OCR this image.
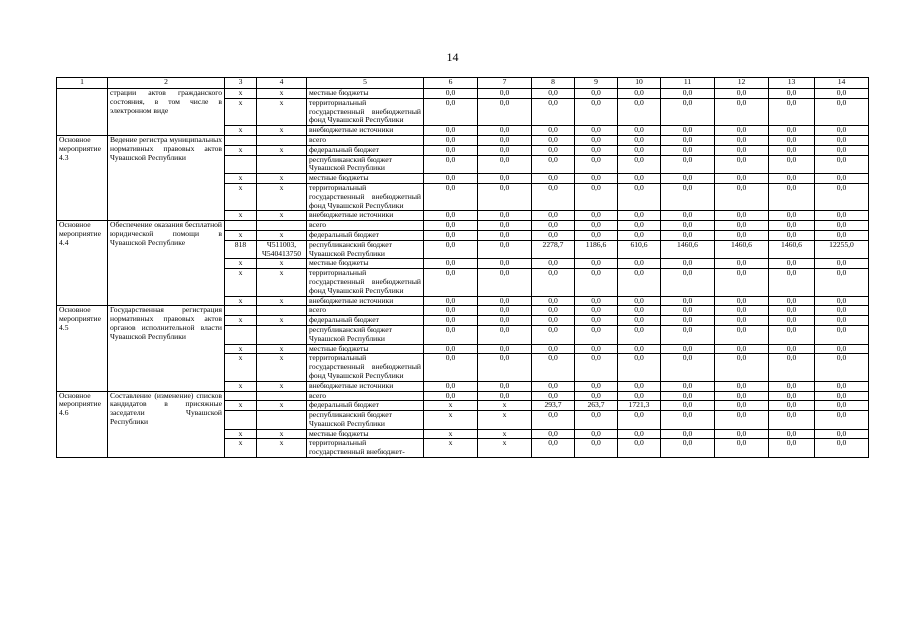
14
1	2	3	4	5	6	7	8	9	10	11	12	13	14
	страции актов гражданского состояния, в том числе в электронном виде	х	х	местные бюджеты	0,0	0,0	0,0	0,0	0,0	0,0	0,0	0,0	0,0
		х	х	территориальный государственный внебюджетный фонд Чувашской Республики	0,0	0,0	0,0	0,0	0,0	0,0	0,0	0,0	0,0
		х	х	внебюджетные источники	0,0	0,0	0,0	0,0	0,0	0,0	0,0	0,0	0,0
Основное мероприятие 4.3	Ведение регистра муниципальных нормативных правовых актов Чувашской Республики			всего	0,0	0,0	0,0	0,0	0,0	0,0	0,0	0,0	0,0
		х	х	федеральный бюджет	0,0	0,0	0,0	0,0	0,0	0,0	0,0	0,0	0,0
				республиканский бюджет Чувашской Республики	0,0	0,0	0,0	0,0	0,0	0,0	0,0	0,0	0,0
		х	х	местные бюджеты	0,0	0,0	0,0	0,0	0,0	0,0	0,0	0,0	0,0
		х	х	территориальный государственный внебюджетный фонд Чувашской Республики	0,0	0,0	0,0	0,0	0,0	0,0	0,0	0,0	0,0
		х	х	внебюджетные источники	0,0	0,0	0,0	0,0	0,0	0,0	0,0	0,0	0,0
Основное мероприятие 4.4	Обеспечение оказания бесплатной юридической помощи в Чувашской Республике			всего	0,0	0,0	0,0	0,0	0,0	0,0	0,0	0,0	0,0
		х	х	федеральный бюджет	0,0	0,0	0,0	0,0	0,0	0,0	0,0	0,0	0,0
		818	Ч511003, Ч540413750	республиканский бюджет Чувашской Республики	0,0	0,0	2278,7	1186,6	610,6	1460,6	1460,6	1460,6	12255,0
		х	х	местные бюджеты	0,0	0,0	0,0	0,0	0,0	0,0	0,0	0,0	0,0
		х	х	территориальный государственный внебюджетный фонд Чувашской Республики	0,0	0,0	0,0	0,0	0,0	0,0	0,0	0,0	0,0
		х	х	внебюджетные источники	0,0	0,0	0,0	0,0	0,0	0,0	0,0	0,0	0,0
Основное мероприятие 4.5	Государственная регистрация нормативных правовых актов органов исполнительной власти Чувашской Республики			всего	0,0	0,0	0,0	0,0	0,0	0,0	0,0	0,0	0,0
		х	х	федеральный бюджет	0,0	0,0	0,0	0,0	0,0	0,0	0,0	0,0	0,0
				республиканский бюджет Чувашской Республики	0,0	0,0	0,0	0,0	0,0	0,0	0,0	0,0	0,0
		х	х	местные бюджеты	0,0	0,0	0,0	0,0	0,0	0,0	0,0	0,0	0,0
		х	х	территориальный государственный внебюджетный фонд Чувашской Республики	0,0	0,0	0,0	0,0	0,0	0,0	0,0	0,0	0,0
		х	х	внебюджетные источники	0,0	0,0	0,0	0,0	0,0	0,0	0,0	0,0	0,0
Основное мероприятие 4.6	Составление (изменение) списков кандидатов в присяжные заседатели Чувашской Республики			всего	0,0	0,0	0,0	0,0	0,0	0,0	0,0	0,0	0,0
		х	х	федеральный бюджет	х	х	293,7	263,7	1721,3	0,0	0,0	0,0	0,0
				республиканский бюджет Чувашской Республики	х	х	0,0	0,0	0,0	0,0	0,0	0,0	0,0
		х	х	местные бюджеты	х	х	0,0	0,0	0,0	0,0	0,0	0,0	0,0
		х	х	территориальный государственный внебюджет-	х	х	0,0	0,0	0,0	0,0	0,0	0,0	0,0
